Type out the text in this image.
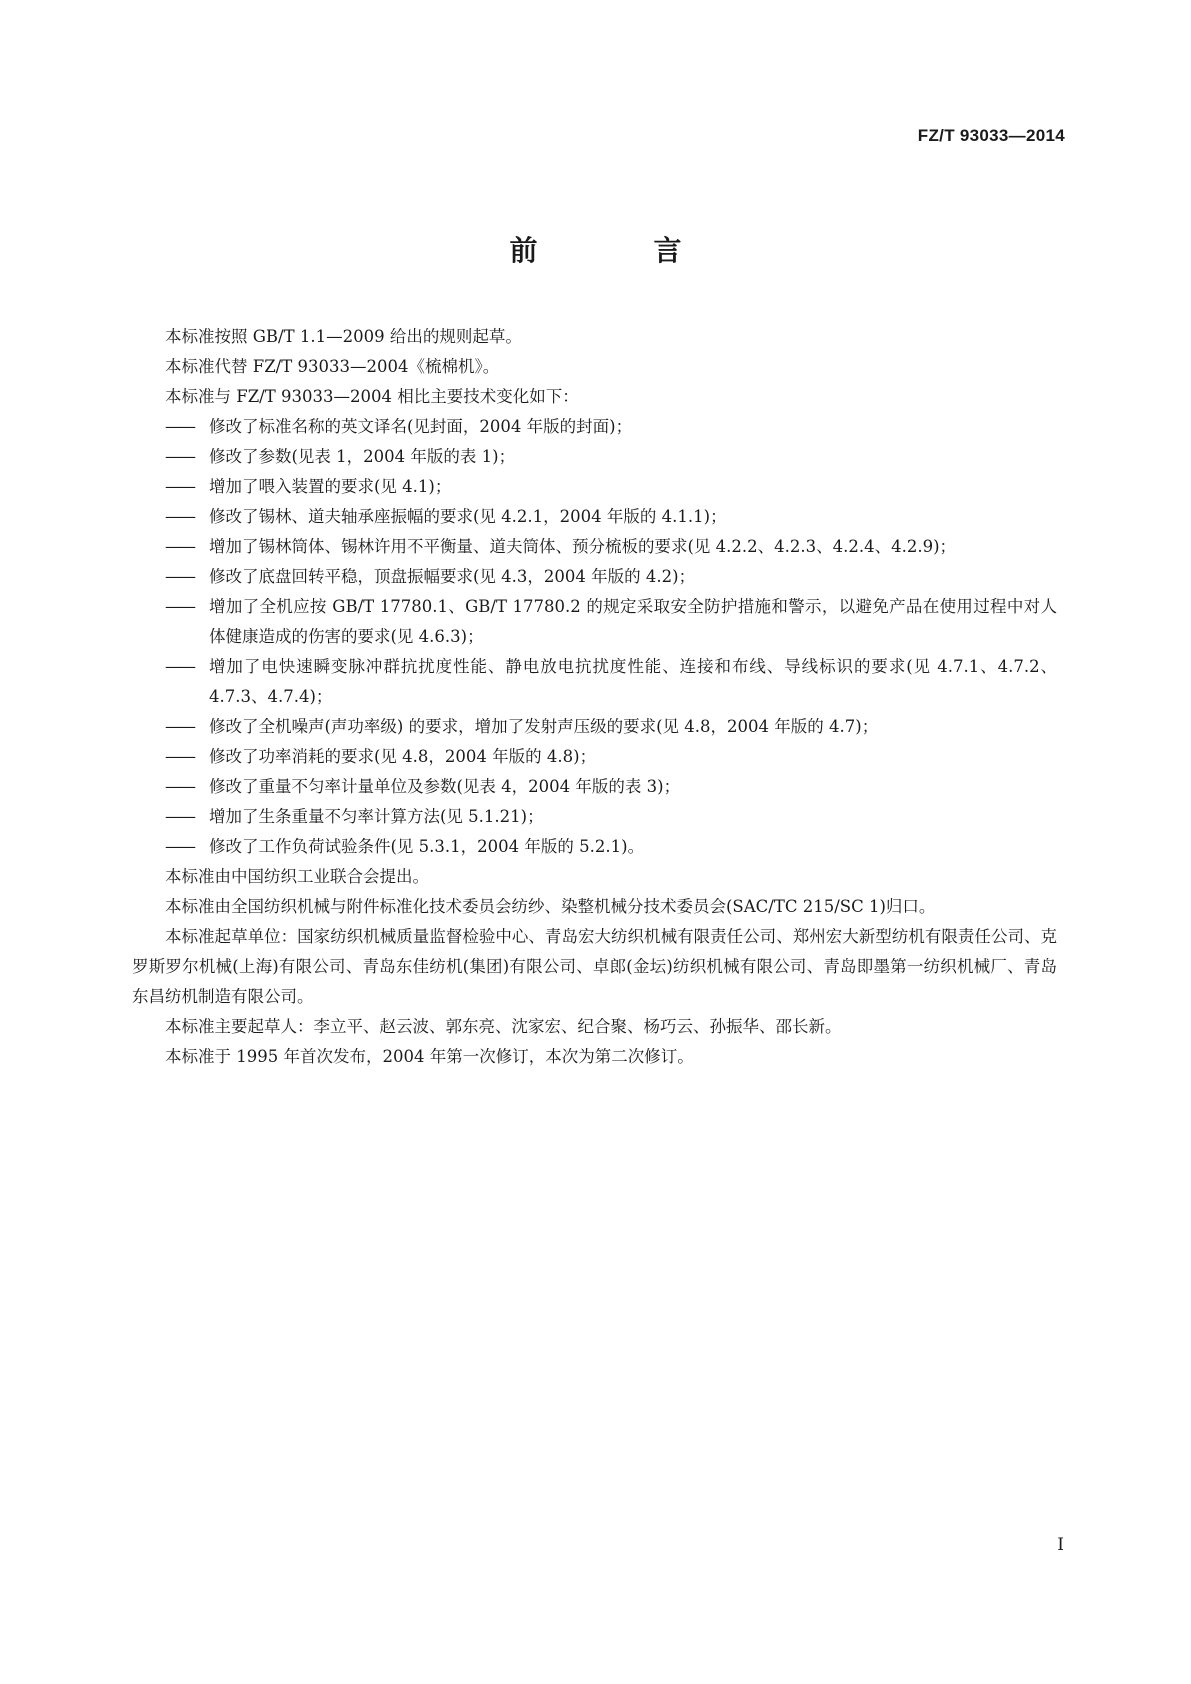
FZ/T 93033—2014
前　言

本标准按照 GB/T 1.1—2009 给出的规则起草。

本标准代替 FZ/T 93033—2004《梳棉机》。

本标准与 FZ/T 93033—2004 相比主要技术变化如下：

—— 修改了标准名称的英文译名(见封面，2004 年版的封面)；
—— 修改了参数(见表 1，2004 年版的表 1)；
—— 增加了喂入装置的要求(见 4.1)；
—— 修改了锡林、道夫轴承座振幅的要求(见 4.2.1，2004 年版的 4.1.1)；
—— 增加了锡林筒体、锡林许用不平衡量、道夫筒体、预分梳板的要求(见 4.2.2、4.2.3、4.2.4、4.2.9)；
—— 修改了底盘回转平稳，顶盘振幅要求(见 4.3，2004 年版的 4.2)；
—— 增加了全机应按 GB/T 17780.1、GB/T 17780.2 的规定采取安全防护措施和警示，以避免产品在使用过程中对人体健康造成的伤害的要求(见 4.6.3)；
—— 增加了电快速瞬变脉冲群抗扰度性能、静电放电抗扰度性能、连接和布线、导线标识的要求(见 4.7.1、4.7.2、4.7.3、4.7.4)；
—— 修改了全机噪声(声功率级) 的要求，增加了发射声压级的要求(见 4.8，2004 年版的 4.7)；
—— 修改了功率消耗的要求(见 4.8，2004 年版的 4.8)；
—— 修改了重量不匀率计量单位及参数(见表 4，2004 年版的表 3)；
—— 增加了生条重量不匀率计算方法(见 5.1.21)；
—— 修改了工作负荷试验条件(见 5.3.1，2004 年版的 5.2.1)。

本标准由中国纺织工业联合会提出。

本标准由全国纺织机械与附件标准化技术委员会纺纱、染整机械分技术委员会(SAC/TC 215/SC 1)归口。

本标准起草单位：国家纺织机械质量监督检验中心、青岛宏大纺织机械有限责任公司、郑州宏大新型纺机有限责任公司、克罗斯罗尔机械(上海)有限公司、青岛东佳纺机(集团)有限公司、卓郎(金坛)纺织机械有限公司、青岛即墨第一纺织机械厂、青岛东昌纺机制造有限公司。

本标准主要起草人：李立平、赵云波、郭东亮、沈家宏、纪合聚、杨巧云、孙振华、邵长新。

本标准于 1995 年首次发布，2004 年第一次修订，本次为第二次修订。

I
